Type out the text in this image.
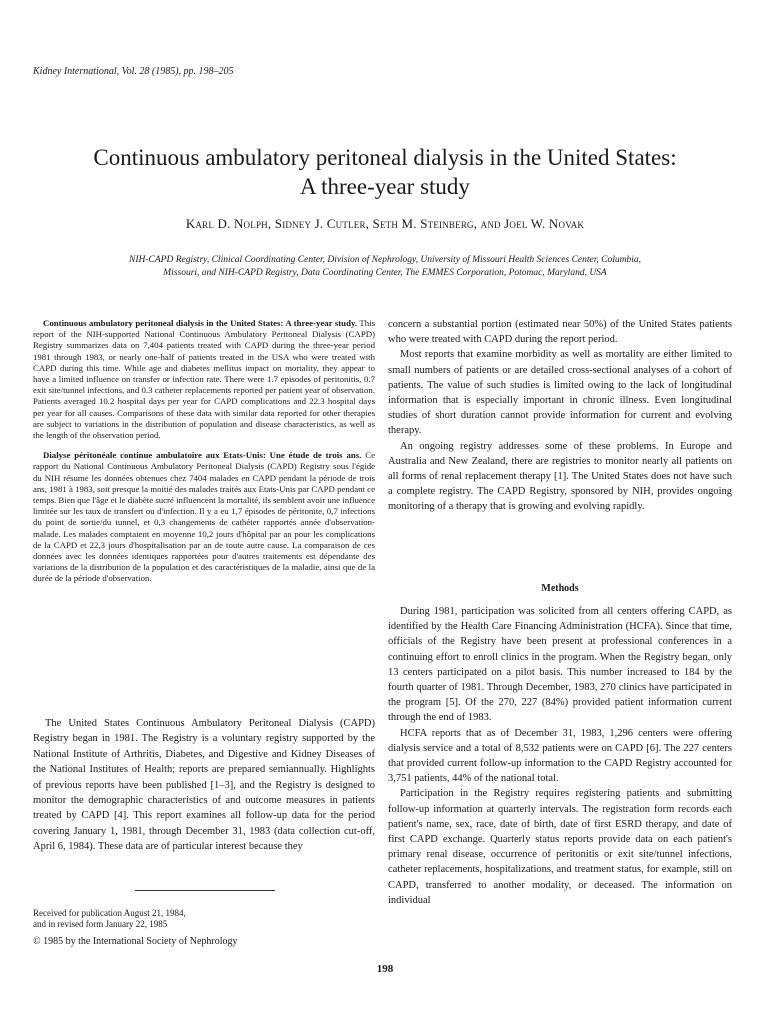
Kidney International, Vol. 28 (1985), pp. 198–205
Continuous ambulatory peritoneal dialysis in the United States:
A three-year study
Karl D. Nolph, Sidney J. Cutler, Seth M. Steinberg, and Joel W. Novak
NIH-CAPD Registry, Clinical Coordinating Center, Division of Nephrology, University of Missouri Health Sciences Center, Columbia,
Missouri, and NIH-CAPD Registry, Data Coordinating Center, The EMMES Corporation, Potomac, Maryland, USA

Continuous ambulatory peritoneal dialysis in the United States: A three-year study. This report of the NIH-supported National Continuous Ambulatory Peritoneal Dialysis (CAPD) Registry summarizes data on 7,404 patients treated with CAPD during the three-year period 1981 through 1983, or nearly one-half of patients treated in the USA who were treated with CAPD during this time. While age and diabetes mellitus impact on mortality, they appear to have a limited influence on transfer or infection rate. There were 1.7 episodes of peritonitis, 0.7 exit site/tunnel infections, and 0.3 catheter replacements reported per patient year of observation. Patients averaged 10.2 hospital days per year for CAPD complications and 22.3 hospital days per year for all causes. Comparisons of these data with similar data reported for other therapies are subject to variations in the distribution of population and disease characteristics, as well as the length of the observation period.

Dialyse péritonéale continue ambulatoire aux Etats-Unis: Une étude de trois ans. Ce rapport du National Continuous Ambulatory Peritoneal Dialysis (CAPD) Registry sous l'égide du NIH résume les données obtenues chez 7404 malades en CAPD pendant la période de trois ans, 1981 à 1983, soit presque la moitié des malades traités aux Etats-Unis par CAPD pendant ce temps. Bien que l'âge et le diabète sucré influencent la mortalité, ils semblent avoir une influence limitée sur les taux de transfert ou d'infection. Il y a eu 1,7 épisodes de péritonite, 0,7 infections du point de sortie/du tunnel, et 0,3 changements de cathéter rapportés année d'observation-malade. Les malades comptaient en moyenne 10,2 jours d'hôpital par an pour les complications de la CAPD et 22,3 jours d'hospitalisation par an de toute autre cause. La comparaison de ces données avec les données identiques rapportées pour d'autres traitements est dépendante des variations de la distribution de la population et des caractéristiques de la maladie, ainsi que de la durée de la période d'observation.

The United States Continuous Ambulatory Peritoneal Dialysis (CAPD) Registry began in 1981. The Registry is a voluntary registry supported by the National Institute of Arthritis, Diabetes, and Digestive and Kidney Diseases of the National Institutes of Health; reports are prepared semiannually. Highlights of previous reports have been published [1–3], and the Registry is designed to monitor the demographic characteristics of and outcome measures in patients treated by CAPD [4]. This report examines all follow-up data for the period covering January 1, 1981, through December 31, 1983 (data collection cut-off, April 6, 1984). These data are of particular interest because they

Received for publication August 21, 1984,
and in revised form January 22, 1985
© 1985 by the International Society of Nephrology

concern a substantial portion (estimated near 50%) of the United States patients who were treated with CAPD during the report period.

Most reports that examine morbidity as well as mortality are either limited to small numbers of patients or are detailed cross-sectional analyses of a cohort of patients. The value of such studies is limited owing to the lack of longitudinal information that is especially important in chronic illness. Even longitudinal studies of short duration cannot provide information for current and evolving therapy.

An ongoing registry addresses some of these problems. In Europe and Australia and New Zealand, there are registries to monitor nearly all patients on all forms of renal replacement therapy [1]. The United States does not have such a complete registry. The CAPD Registry, sponsored by NIH, provides ongoing monitoring of a therapy that is growing and evolving rapidly.

Methods

During 1981, participation was solicited from all centers offering CAPD, as identified by the Health Care Financing Administration (HCFA). Since that time, officials of the Registry have been present at professional conferences in a continuing effort to enroll clinics in the program. When the Registry began, only 13 centers participated on a pilot basis. This number increased to 184 by the fourth quarter of 1981. Through December, 1983, 270 clinics have participated in the program [5]. Of the 270, 227 (84%) provided patient information current through the end of 1983.

HCFA reports that as of December 31, 1983, 1,296 centers were offering dialysis service and a total of 8,532 patients were on CAPD [6]. The 227 centers that provided current follow-up information to the CAPD Registry accounted for 3,751 patients, 44% of the national total.

Participation in the Registry requires registering patients and submitting follow-up information at quarterly intervals. The registration form records each patient's name, sex, race, date of birth, date of first ESRD therapy, and date of first CAPD exchange. Quarterly status reports provide data on each patient's primary renal disease, occurrence of peritonitis or exit site/tunnel infections, catheter replacements, hospitalizations, and treatment status, for example, still on CAPD, transferred to another modality, or deceased. The information on individual

198
